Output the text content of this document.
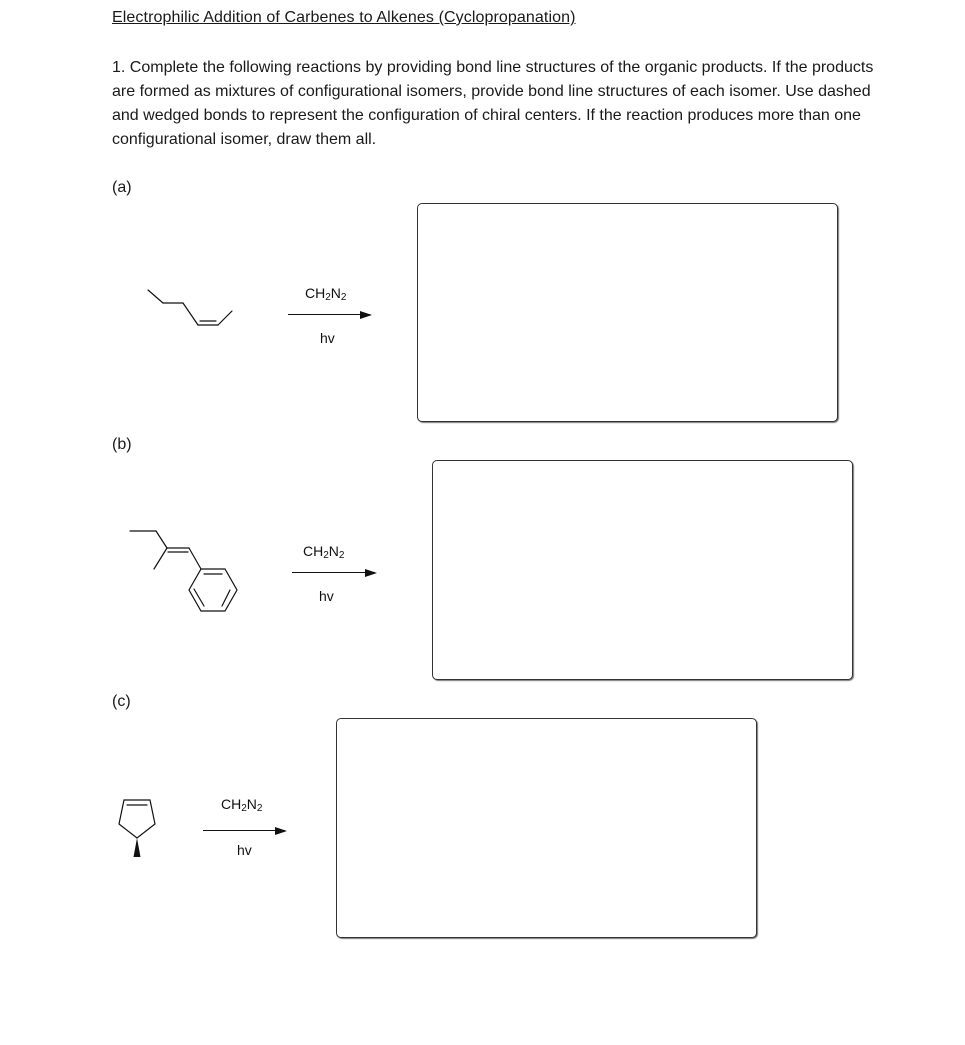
Electrophilic Addition of Carbenes to Alkenes (Cyclopropanation)
1. Complete the following reactions by providing bond line structures of the organic products. If the products are formed as mixtures of configurational isomers, provide bond line structures of each isomer. Use dashed and wedged bonds to represent the configuration of chiral centers. If the reaction produces more than one configurational isomer, draw them all.
(a)
$CH_2N_2$
hv
(b)
$CH_2N_2$
hv
(c)
$CH_2N_2$
hv
